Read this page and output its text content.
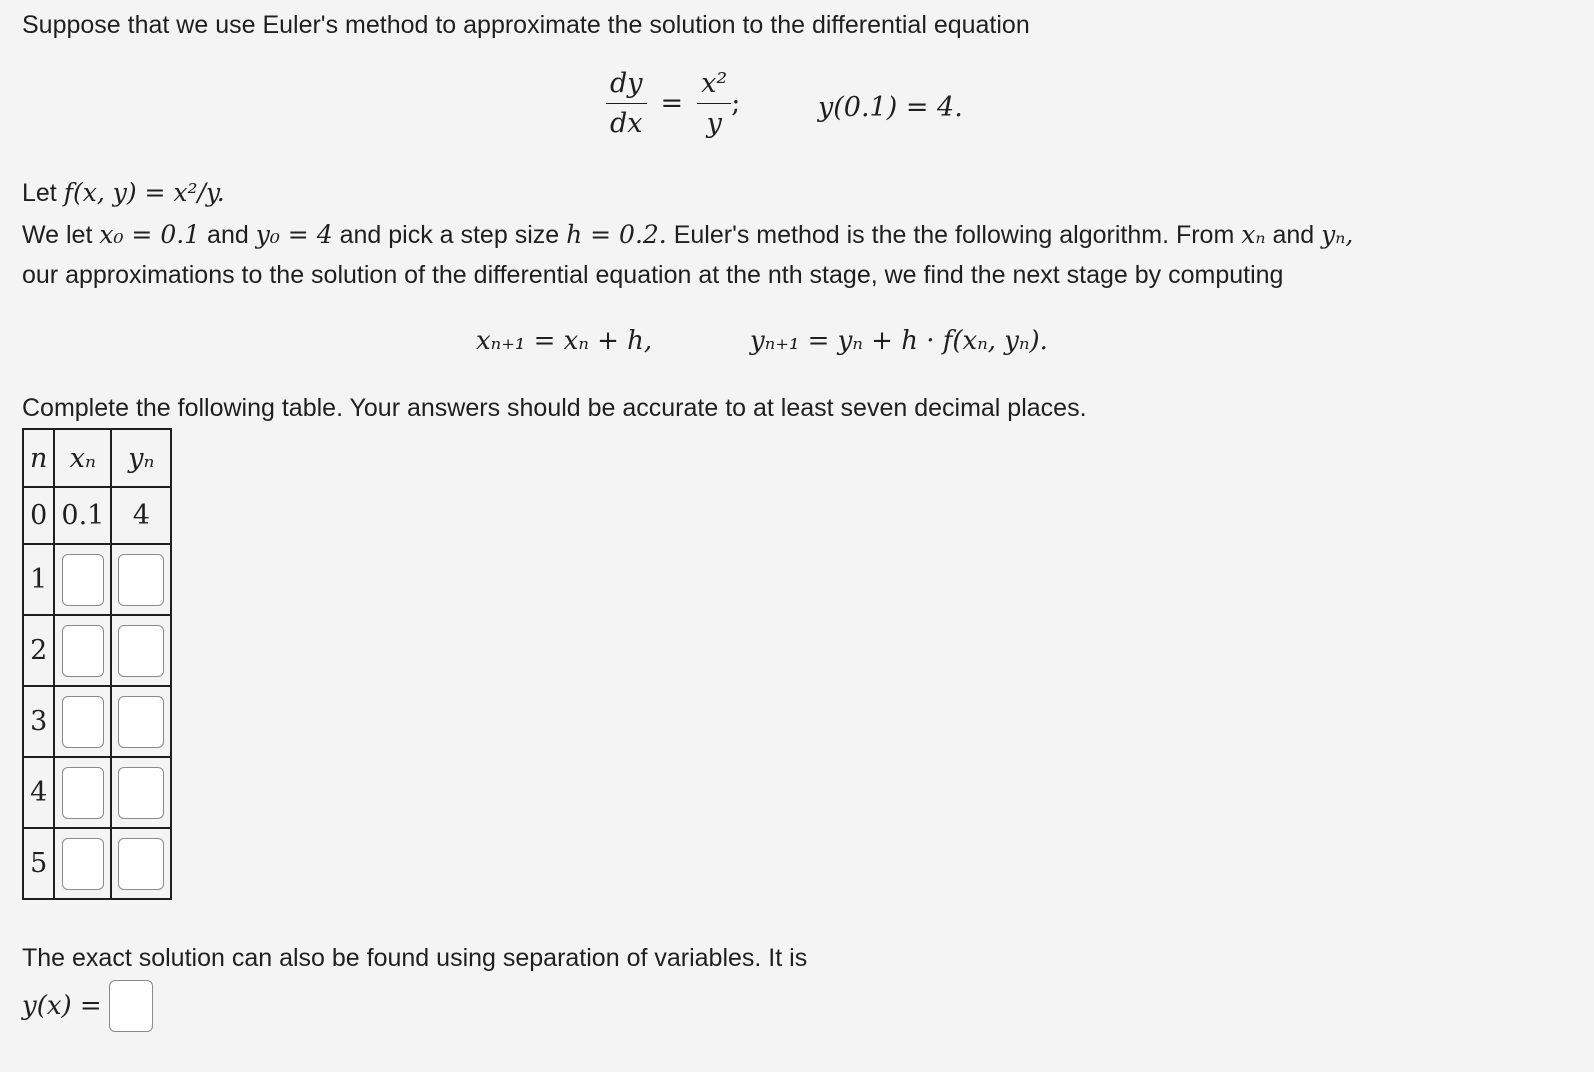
Suppose that we use Euler's method to approximate the solution to the differential equation
$\frac{dy}{dx} = \frac{\text{x²}}{y}$ ;	y(0.1) = 4.
Let f(x, y) = x²/y.
We let x₀ = 0.1 and y₀ = 4 and pick a step size h = 0.2. Euler's method is the the following algorithm. From xₙ and yₙ,
our approximations to the solution of the differential equation at the nth stage, we find the next stage by computing
xₙ₊₁ = xₙ + h,	yₙ₊₁ = yₙ + h · f(xₙ, yₙ).
Complete the following table. Your answers should be accurate to at least seven decimal places.
n	xₙ	yₙ
0	0.1	4
1		
2		
3		
4		
5		
The exact solution can also be found using separation of variables. It is
y(x) =
